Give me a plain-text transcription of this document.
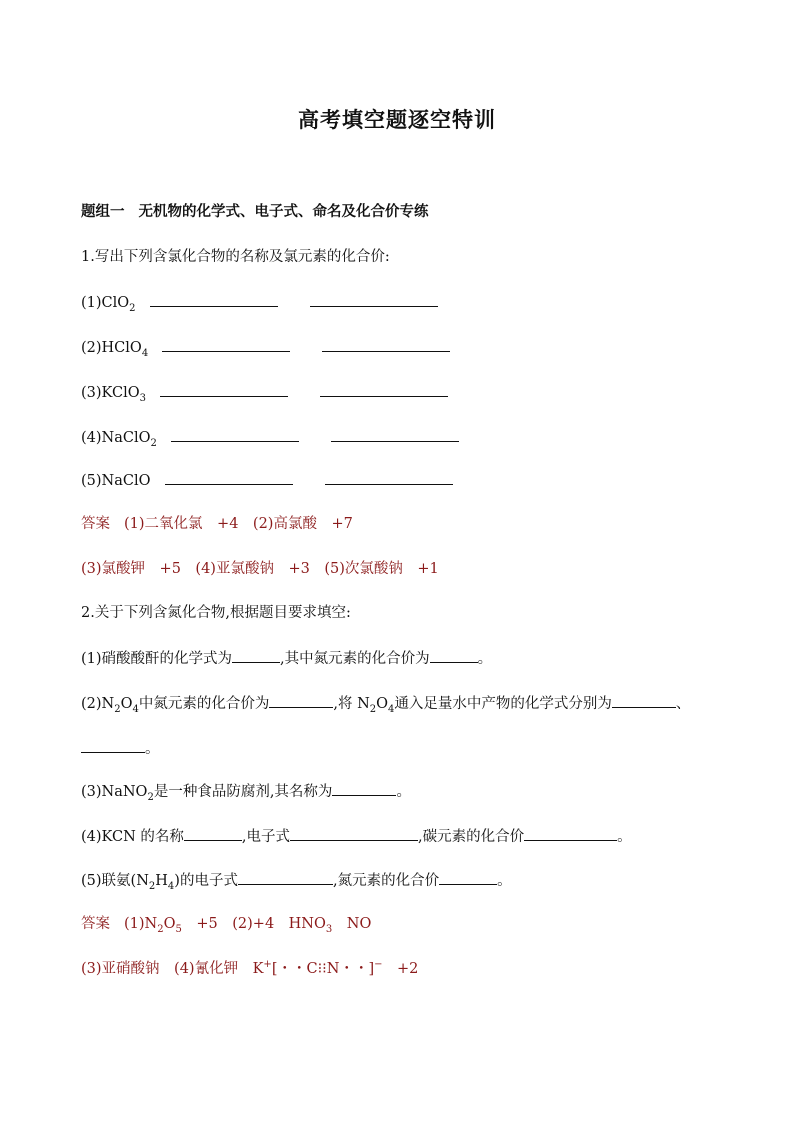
高考填空题逐空特训
题组一 无机物的化学式、电子式、命名及化合价专练
1.写出下列含氯化合物的名称及氯元素的化合价:
(1)ClO$_2$
(2)HClO$_4$
(3)KClO$_3$
(4)NaClO$_2$
(5)NaClO
答案 (1)二氧化氯　+4　(2)高氯酸　+7
(3)氯酸钾　+5　(4)亚氯酸钠　+3　(5)次氯酸钠　+1
2.关于下列含氮化合物,根据题目要求填空:
(1)硝酸酸酐的化学式为	,其中氮元素的化合价为	。
$(2)N_2O_4$中氮元素的化合价为	,将 $N_2O_4$通入足量水中产物的化学式分别为	、
。
(3)NaNO$_2$是一种食品防腐剂,其名称为	。
(4)KCN 的名称	,电子式	,碳元素的化合价	。
(5)联氨$(N_2H_4)$的电子式	,氮元素的化合价	。
答案 $(1)N_2O_5$　+5　(2)+4　$HNO_3$　NO
(3)亚硝酸钠　(4)氰化钾　K+[・・C⁝⁝N・・]−　+2
